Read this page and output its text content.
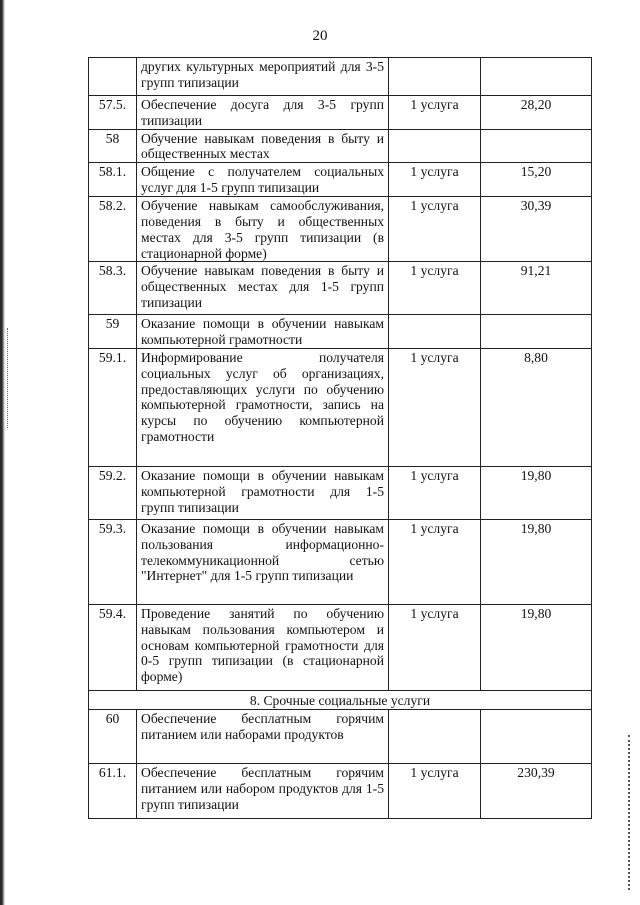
20
	других культурных мероприятий для 3-5 групп типизации		
57.5.	Обеспечение досуга для 3-5 групп типизации	1 услуга	28,20
58	Обучение навыкам поведения в быту и общественных местах		
58.1.	Общение с получателем социальных услуг для 1-5 групп типизации	1 услуга	15,20
58.2.	Обучение навыкам самообслуживания, поведения в быту и общественных местах для 3-5 групп типизации (в стационарной форме)	1 услуга	30,39
58.3.	Обучение навыкам поведения в быту и общественных местах для 1-5 групп типизации	1 услуга	91,21
59	Оказание помощи в обучении навыкам компьютерной грамотности		
59.1.	Информирование получателя социальных услуг об организациях, предоставляющих услуги по обучению компьютерной грамотности, запись на курсы по обучению компьютерной грамотности	1 услуга	8,80
59.2.	Оказание помощи в обучении навыкам компьютерной грамотности для 1-5 групп типизации	1 услуга	19,80
59.3.	Оказание помощи в обучении навыкам пользования информационно-телекоммуникационной сетью "Интернет" для 1-5 групп типизации	1 услуга	19,80
59.4.	Проведение занятий по обучению навыкам пользования компьютером и основам компьютерной грамотности для 0-5 групп типизации (в стационарной форме)	1 услуга	19,80
8. Срочные социальные услуги			
60	Обеспечение бесплатным горячим питанием или наборами продуктов		
61.1.	Обеспечение бесплатным горячим питанием или набором продуктов для 1-5 групп типизации	1 услуга	230,39
